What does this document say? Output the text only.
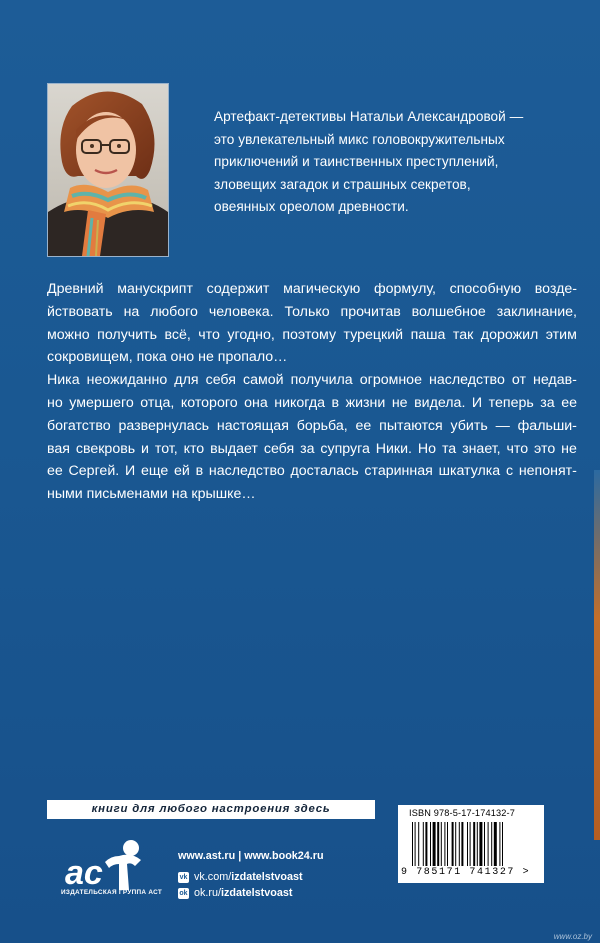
Артефакт-детективы Натальи Александровой —
это увлекательный микс головокружительных
приключений и таинственных преступлений,
зловещих загадок и страшных секретов,
овеянных ореолом древности.
Древний манускрипт содержит магическую формулу, способную возде-
йствовать на любого человека. Только прочитав волшебное заклинание,
можно получить всё, что угодно, поэтому турецкий паша так дорожил этим
сокровищем, пока оно не пропало…
Ника неожиданно для себя самой получила огромное наследство от недав-
но умершего отца, которого она никогда в жизни не видела. И теперь за ее
богатство развернулась настоящая борьба, ее пытаются убить — фальши-
вая свекровь и тот, кто выдает себя за супруга Ники. Но та знает, что это не
ее Сергей. И еще ей в наследство досталась старинная шкатулка с непонят-
ными письменами на крышке…
книги для любого настроения здесь
ac
ИЗДАТЕЛЬСКАЯ ГРУППА АСТ
www.ast.ru | www.book24.ru
vk vk.com/izdatelstvoast
ok ok.ru/izdatelstvoast
ISBN 978-5-17-174132-7
9 785171 741327 >
www.oz.by
